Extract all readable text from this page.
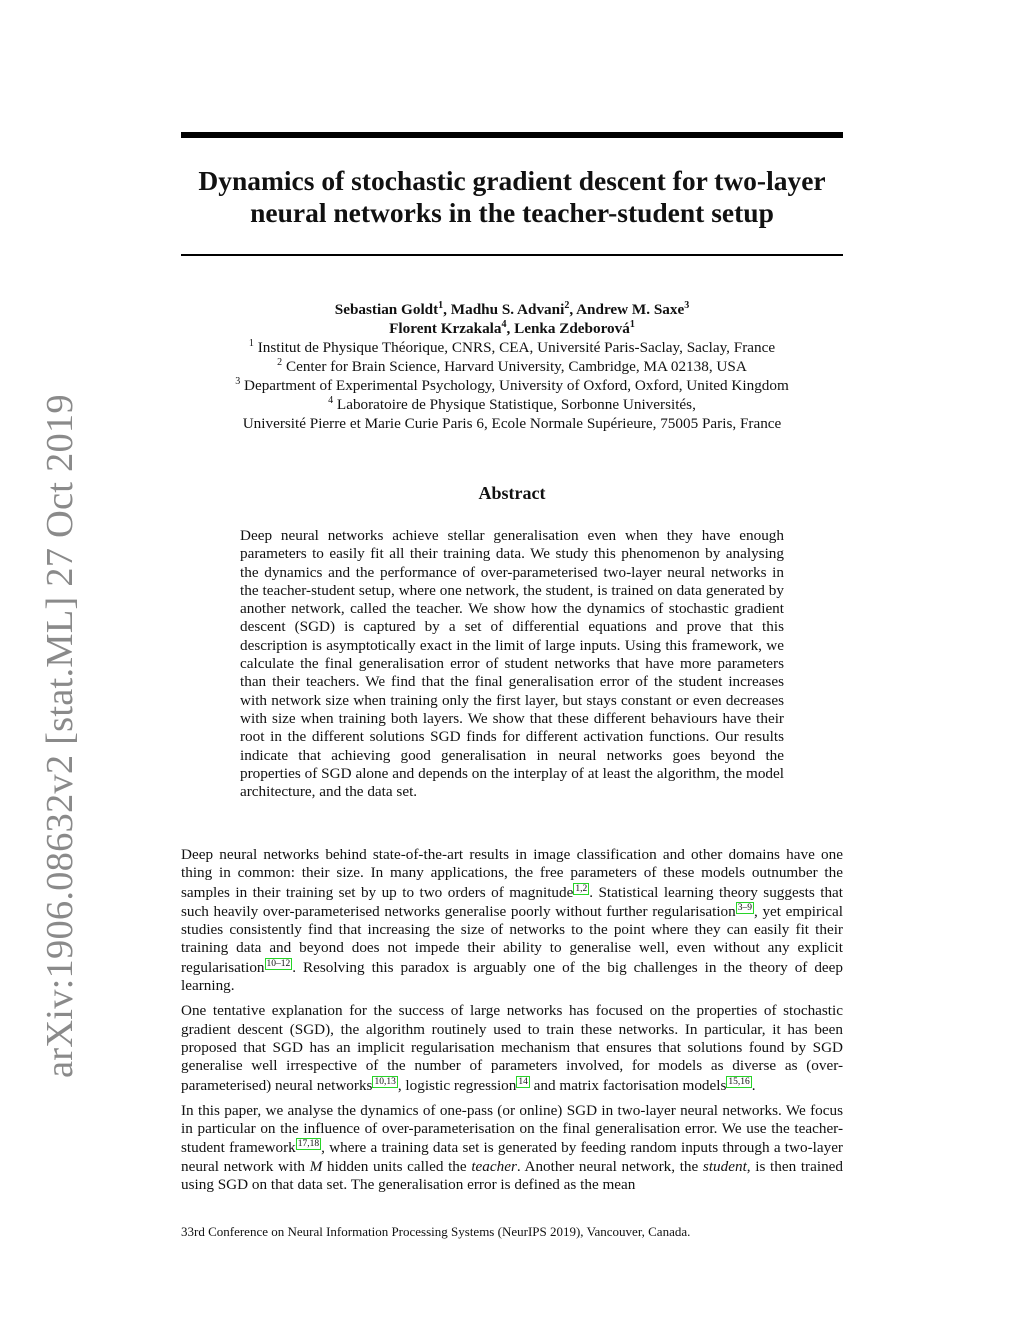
arXiv:1906.08632v2 [stat.ML] 27 Oct 2019
Dynamics of stochastic gradient descent for two-layer
neural networks in the teacher-student setup
Sebastian Goldt$^1$, Madhu S. Advani$^2$, Andrew M. Saxe$^3$
Florent Krzakala$^4$, Lenka Zdeborová$^1$
$^1$ Institut de Physique Théorique, CNRS, CEA, Université Paris-Saclay, Saclay, France
$^2$ Center for Brain Science, Harvard University, Cambridge, MA 02138, USA
$^3$ Department of Experimental Psychology, University of Oxford, Oxford, United Kingdom
$^4$ Laboratoire de Physique Statistique, Sorbonne Universités,
Université Pierre et Marie Curie Paris 6, Ecole Normale Supérieure, 75005 Paris, France
Abstract
Deep neural networks achieve stellar generalisation even when they have enough parameters to easily fit all their training data. We study this phenomenon by analysing the dynamics and the performance of over-parameterised two-layer neural networks in the teacher-student setup, where one network, the student, is trained on data generated by another network, called the teacher. We show how the dynamics of stochastic gradient descent (SGD) is captured by a set of differential equations and prove that this description is asymptotically exact in the limit of large inputs. Using this framework, we calculate the final generalisation error of student networks that have more parameters than their teachers. We find that the final generalisation error of the student increases with network size when training only the first layer, but stays constant or even decreases with size when training both layers. We show that these different behaviours have their root in the different solutions SGD finds for different activation functions. Our results indicate that achieving good generalisation in neural networks goes beyond the properties of SGD alone and depends on the interplay of at least the algorithm, the model architecture, and the data set.

Deep neural networks behind state-of-the-art results in image classification and other domains have one thing in common: their size. In many applications, the free parameters of these models outnumber the samples in their training set by up to two orders of magnitude 1,2 . Statistical learning theory suggests that such heavily over-parameterised networks generalise poorly without further regularisation 3–9 , yet empirical studies consistently find that increasing the size of networks to the point where they can easily fit their training data and beyond does not impede their ability to generalise well, even without any explicit regularisation 10–12 . Resolving this paradox is arguably one of the big challenges in the theory of deep learning.

One tentative explanation for the success of large networks has focused on the properties of stochastic gradient descent (SGD), the algorithm routinely used to train these networks. In particular, it has been proposed that SGD has an implicit regularisation mechanism that ensures that solutions found by SGD generalise well irrespective of the number of parameters involved, for models as diverse as (over-parameterised) neural networks 10,13 , logistic regression 14 and matrix factorisation models 15,16 .

In this paper, we analyse the dynamics of one-pass (or online) SGD in two-layer neural networks. We focus in particular on the influence of over-parameterisation on the final generalisation error. We use the teacher-student framework 17,18 , where a training data set is generated by feeding random inputs through a two-layer neural network with M hidden units called the teacher. Another neural network, the student, is then trained using SGD on that data set. The generalisation error is defined as the mean

33rd Conference on Neural Information Processing Systems (NeurIPS 2019), Vancouver, Canada.
